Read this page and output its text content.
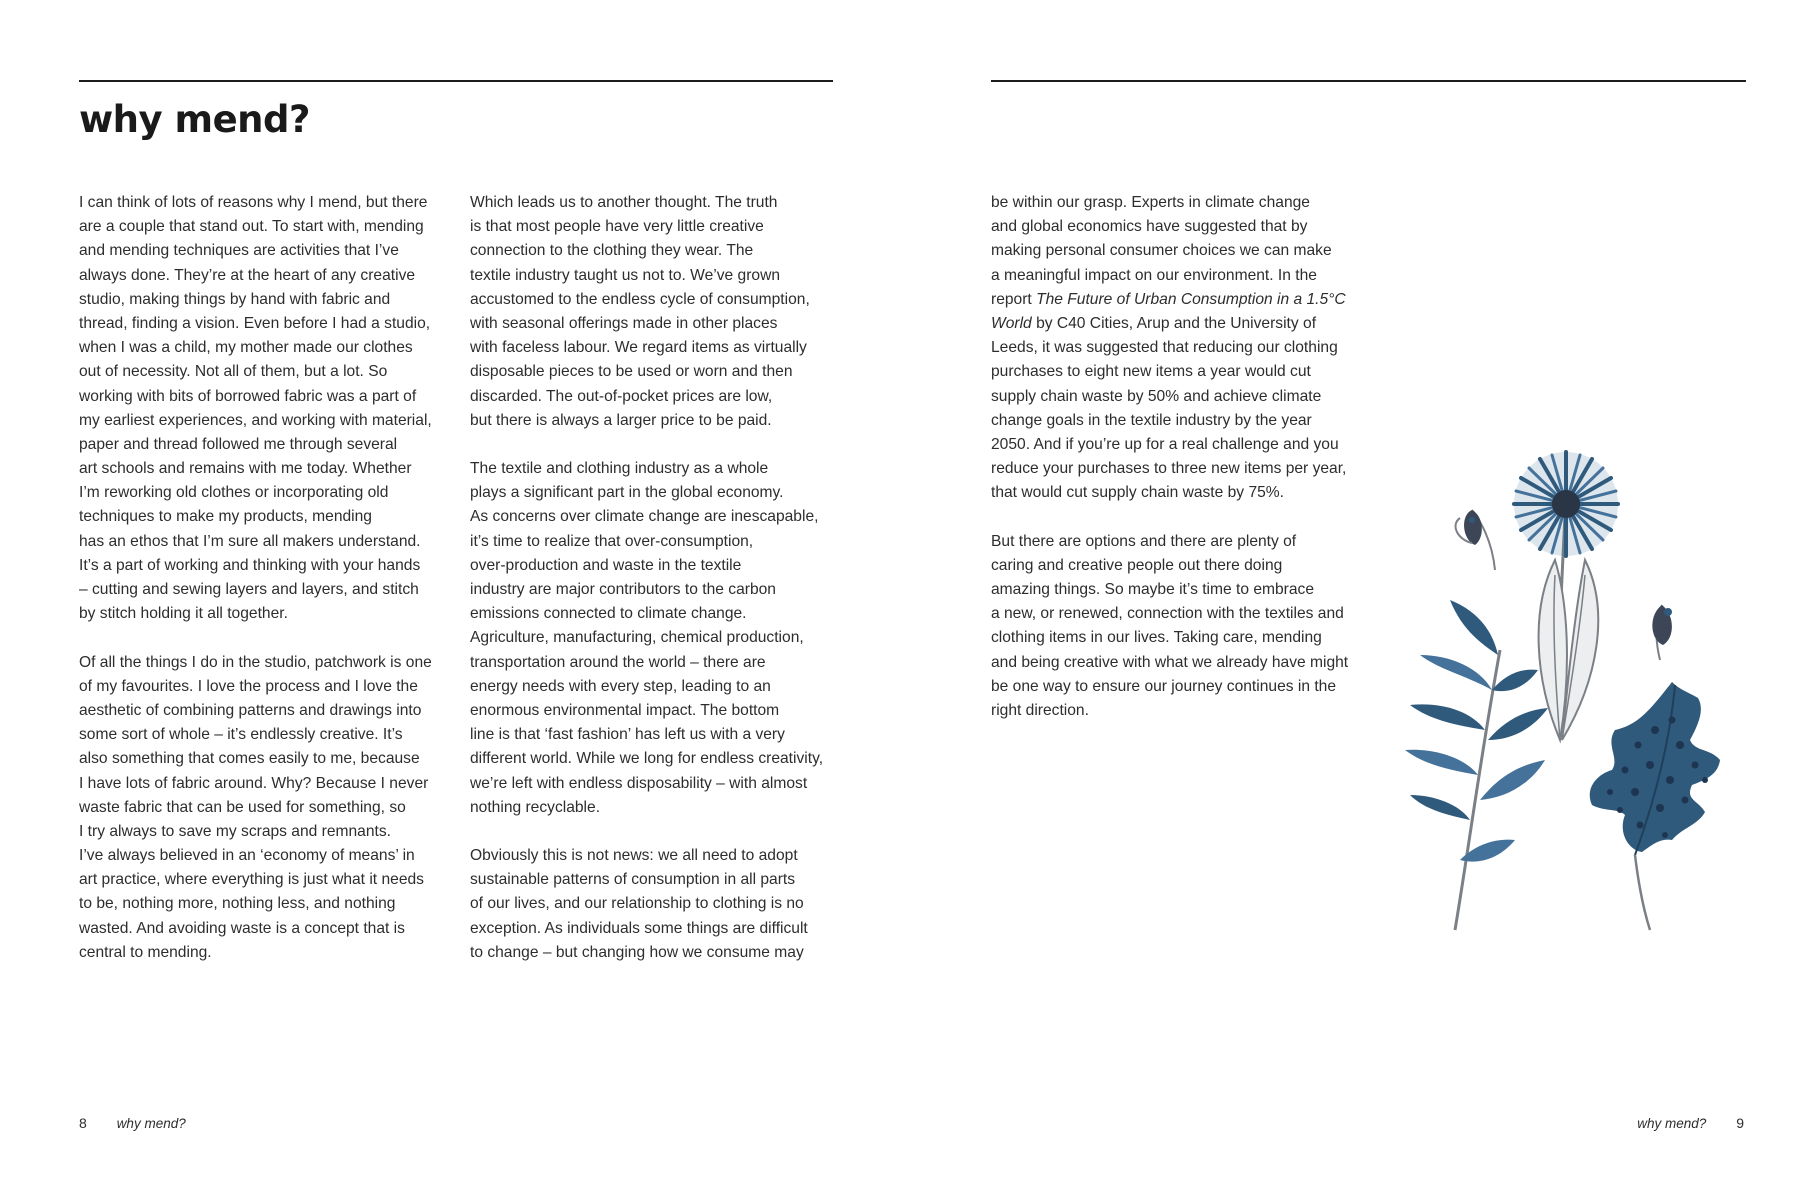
why mend?
I can think of lots of reasons why I mend, but there
are a couple that stand out. To start with, mending
and mending techniques are activities that I’ve
always done. They’re at the heart of any creative
studio, making things by hand with fabric and
thread, finding a vision. Even before I had a studio,
when I was a child, my mother made our clothes
out of necessity. Not all of them, but a lot. So
working with bits of borrowed fabric was a part of
my earliest experiences, and working with material,
paper and thread followed me through several
art schools and remains with me today. Whether
I’m reworking old clothes or incorporating old
techniques to make my products, mending
has an ethos that I’m sure all makers understand.
It’s a part of working and thinking with your hands
– cutting and sewing layers and layers, and stitch
by stitch holding it all together.
Of all the things I do in the studio, patchwork is one
of my favourites. I love the process and I love the
aesthetic of combining patterns and drawings into
some sort of whole – it’s endlessly creative. It’s
also something that comes easily to me, because
I have lots of fabric around. Why? Because I never
waste fabric that can be used for something, so
I try always to save my scraps and remnants.
I’ve always believed in an ‘economy of means’ in
art practice, where everything is just what it needs
to be, nothing more, nothing less, and nothing
wasted. And avoiding waste is a concept that is
central to mending.
Which leads us to another thought. The truth
is that most people have very little creative
connection to the clothing they wear. The
textile industry taught us not to. We’ve grown
accustomed to the endless cycle of consumption,
with seasonal offerings made in other places
with faceless labour. We regard items as virtually
disposable pieces to be used or worn and then
discarded. The out-of-pocket prices are low,
but there is always a larger price to be paid.
The textile and clothing industry as a whole
plays a significant part in the global economy.
As concerns over climate change are inescapable,
it’s time to realize that over-consumption,
over-production and waste in the textile
industry are major contributors to the carbon
emissions connected to climate change.
Agriculture, manufacturing, chemical production,
transportation around the world – there are
energy needs with every step, leading to an
enormous environmental impact. The bottom
line is that ‘fast fashion’ has left us with a very
different world. While we long for endless creativity,
we’re left with endless disposability – with almost
nothing recyclable.
Obviously this is not news: we all need to adopt
sustainable patterns of consumption in all parts
of our lives, and our relationship to clothing is no
exception. As individuals some things are difficult
to change – but changing how we consume may
be within our grasp. Experts in climate change
and global economics have suggested that by
making personal consumer choices we can make
a meaningful impact on our environment. In the
report The Future of Urban Consumption in a 1.5°C
World by C40 Cities, Arup and the University of
Leeds, it was suggested that reducing our clothing
purchases to eight new items a year would cut
supply chain waste by 50% and achieve climate
change goals in the textile industry by the year
2050. And if you’re up for a real challenge and you
reduce your purchases to three new items per year,
that would cut supply chain waste by 75%.
But there are options and there are plenty of
caring and creative people out there doing
amazing things. So maybe it’s time to embrace
a new, or renewed, connection with the textiles and
clothing items in our lives. Taking care, mending
and being creative with what we already have might
be one way to ensure our journey continues in the
right direction.
8 why mend?	why mend? 9
